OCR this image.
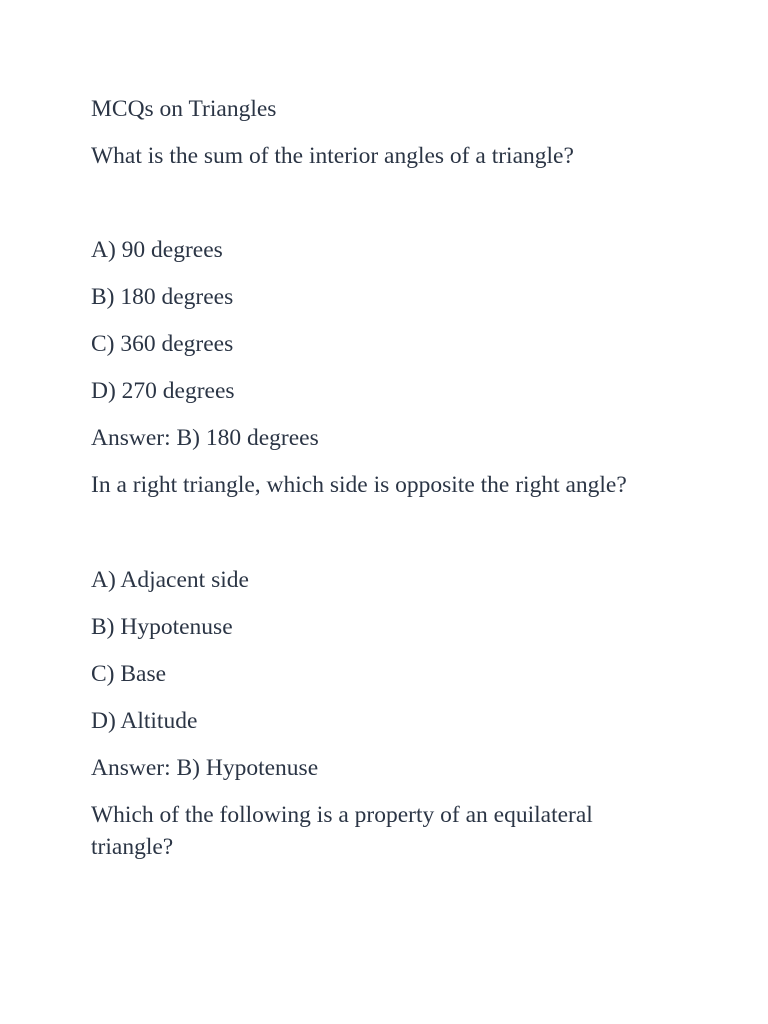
MCQs on Triangles

What is the sum of the interior angles of a triangle?

A) 90 degrees

B) 180 degrees

C) 360 degrees

D) 270 degrees

Answer: B) 180 degrees

In a right triangle, which side is opposite the right angle?

A) Adjacent side

B) Hypotenuse

C) Base

D) Altitude

Answer: B) Hypotenuse

Which of the following is a property of an equilateral triangle?
